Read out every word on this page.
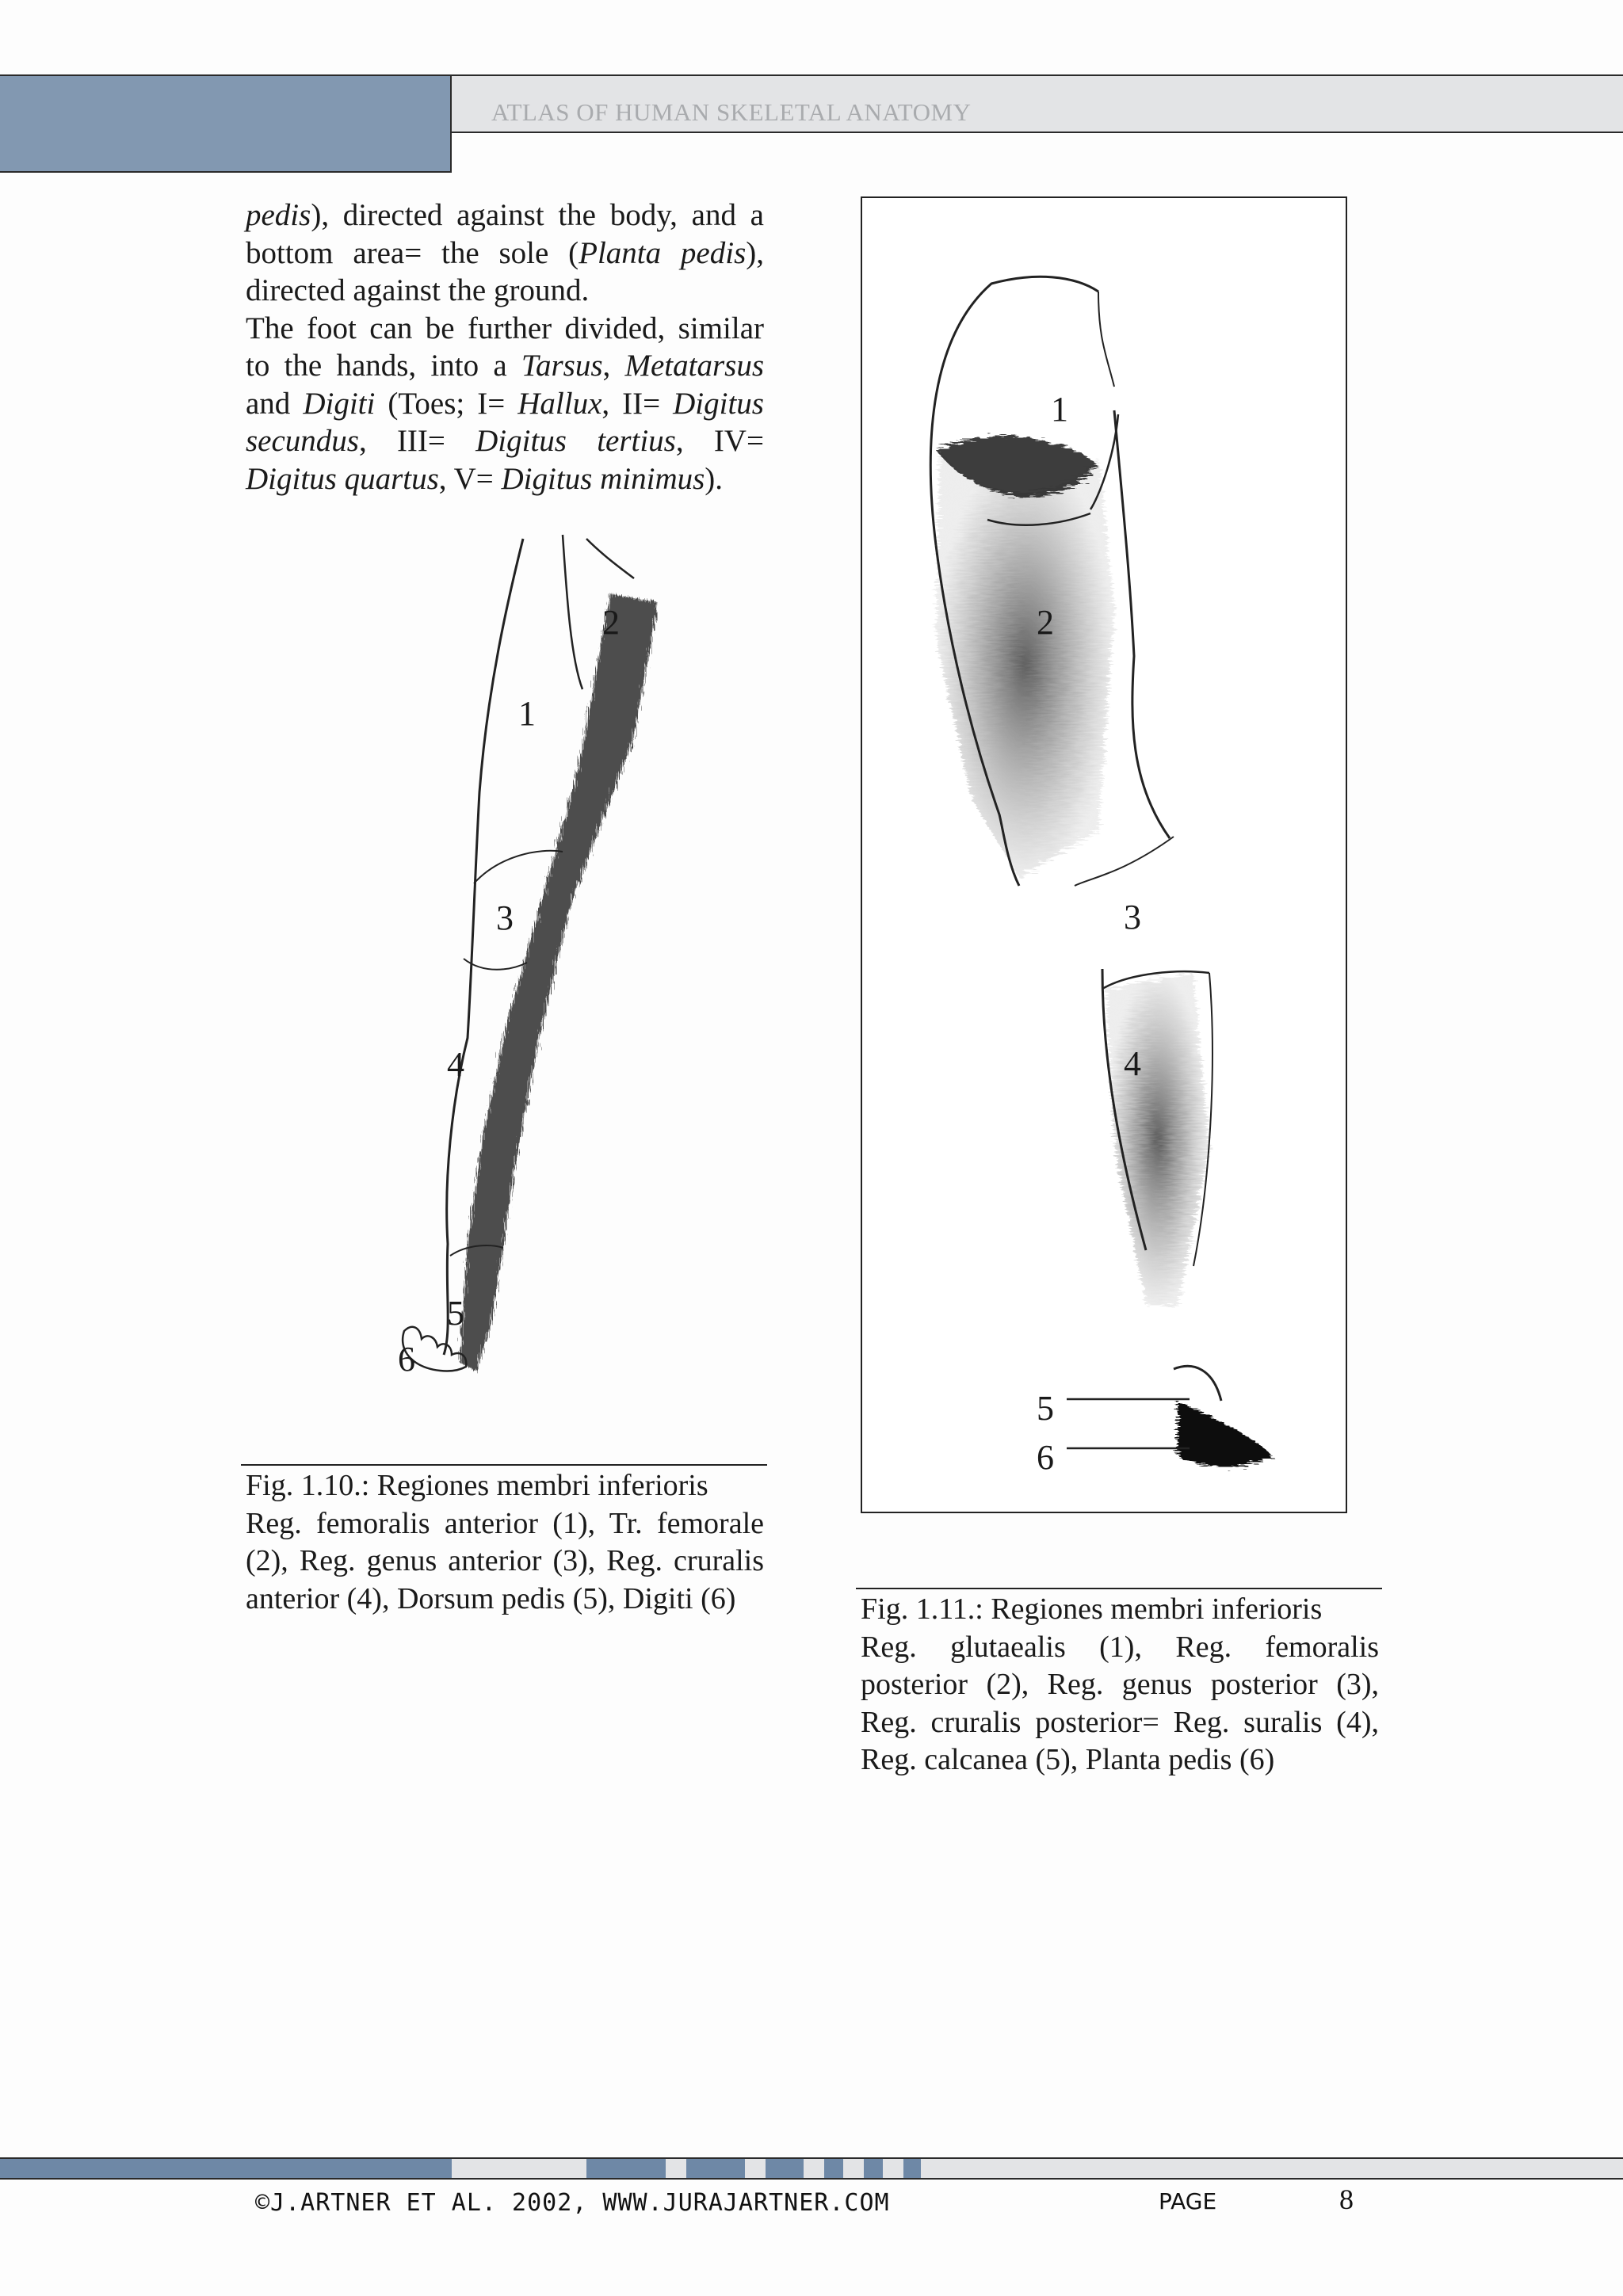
ATLAS OF HUMAN SKELETAL ANATOMY

pedis), directed against the body, and a bottom area= the sole (Planta pedis), directed against the ground.

The foot can be further divided, similar to the hands, into a Tarsus, Metatarsus and Digiti (Toes; I= Hallux, II= Digitus secundus, III= Digitus tertius, IV= Digitus quartus, V= Digitus minimus).

1
2
3
4
5
6
Fig. 1.10.: Regiones membri inferioris
Reg. femoralis anterior (1), Tr. femorale (2), Reg. genus anterior (3), Reg. cruralis anterior (4), Dorsum pedis (5), Digiti (6)
1
2
3
4
5
6
Fig. 1.11.: Regiones membri inferioris
Reg. glutaealis (1), Reg. femoralis posterior (2), Reg. genus posterior (3), Reg. cruralis posterior= Reg. suralis (4), Reg. calcanea (5), Planta pedis (6)
©J.ARTNER ET AL. 2002, WWW.JURAJARTNER.COM	PAGE	8
